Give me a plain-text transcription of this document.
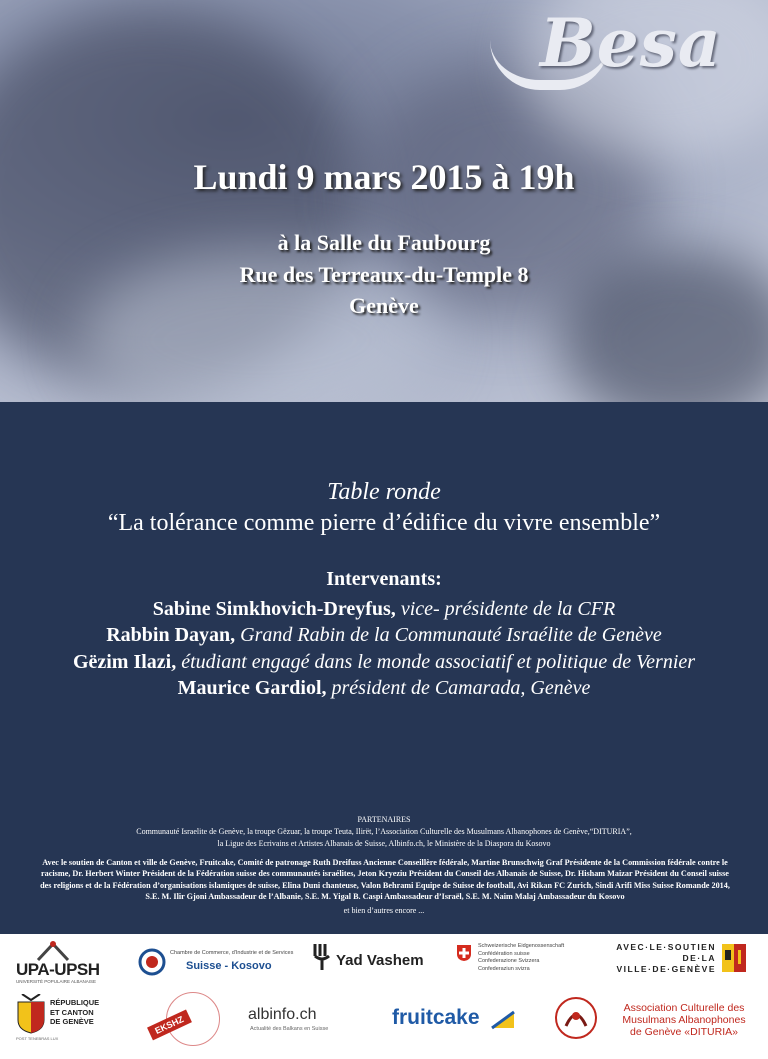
Besa
Lundi 9 mars 2015 à 19h
à la Salle du Faubourg
Rue des Terreaux-du-Temple 8
Genève
Table ronde
“La tolérance comme pierre d’édifice du vivre ensemble”
Intervenants:
Sabine Simkhovich-Dreyfus, vice- présidente de la CFR
Rabbin Dayan, Grand Rabin de la Communauté Israélite de Genève
Gëzim Ilazi, étudiant engagé dans le monde associatif et politique de Vernier
Maurice Gardiol, président de Camarada, Genève
PARTENAIRES
Communauté Israelite de Genève, la troupe Gëzuar, la troupe Teuta, Ilirët, l’Association Culturelle des Musulmans Albanophones de Genève,“DITURIA”,
la Ligue des Ecrivains et Artistes Albanais de Suisse, Albinfo.ch, le Ministère de la Diaspora du Kosovo
Avec le soutien de Canton et ville de Genève, Fruitcake, Comité de patronage Ruth Dreifuss Ancienne Conseillère fédérale, Martine Brunschwig Graf Présidente de la Commission fédérale contre le racisme, Dr. Herbert Winter Président de la Fédération suisse des communautés israélites, Jeton Kryeziu Président du Conseil des Albanais de Suisse, Dr. Hisham Maizar Président du Conseil suisse des religions et de la Fédération d’organisations islamiques de suisse, Elina Duni chanteuse, Valon Behrami Equipe de Suisse de football, Avi Rikan FC Zurich, Sindi Arifi Miss Suisse Romande 2014, S.E. M. Ilir Gjoni Ambassadeur de l’Albanie, S.E. M. Yigal B. Caspi Ambassadeur d’Israël, S.E. M. Naim Malaj Ambassadeur du Kosovo
et bien d’autres encore ...
UPA-UPSH
UNIVERSITÉ POPULAIRE ALBANAISE
Chambre de Commerce, d'Industrie et de Services
Suisse - Kosovo	Yad Vashem
Schweizerische Eidgenossenschaft
Confédération suisse
Confederazione Svizzera
Confederaziun svizra
AVEC·LE·SOUTIEN
DE·LA
VILLE·DE·GENÈVE
RÉPUBLIQUE
ET CANTON
DE GENÈVE
POST TENEBRAS LUX
EKSHZ	albinfo.ch
Actualité des Balkans en Suisse	fruitcake	Association Culturelle des
Musulmans Albanophones
de Genève «DITURIA»
